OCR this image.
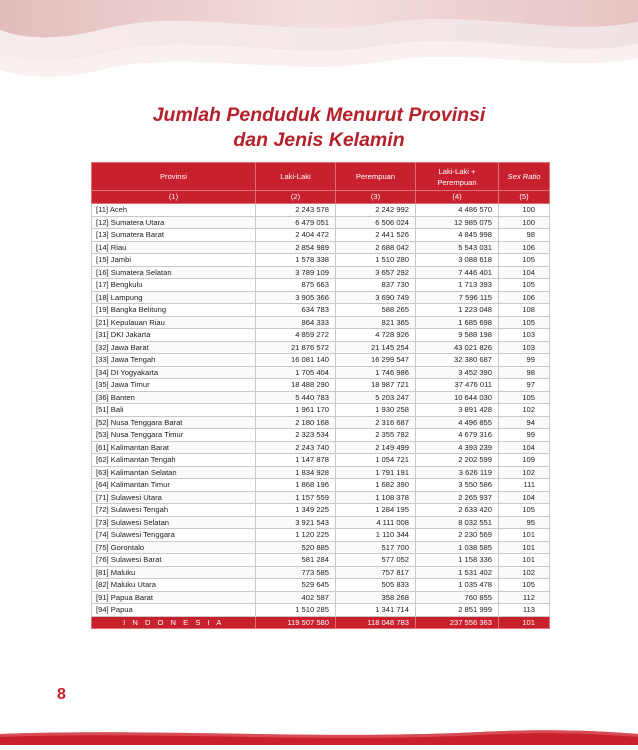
Jumlah Penduduk Menurut Provinsi
dan Jenis Kelamin
Provinsi	Laki-Laki	Perempuan	Laki-Laki + Perempuan	Sex Ratio
(1)	(2)	(3)	(4)	(5)
[11] Aceh	2 243 578	2 242 992	4 486 570	100
[12] Sumatera Utara	6 479 051	6 506 024	12 985 075	100
[13] Sumatera Barat	2 404 472	2 441 526	4 845 998	98
[14] Riau	2 854 989	2 688 042	5 543 031	106
[15] Jambi	1 578 338	1 510 280	3 088 618	105
[16] Sumatera Selatan	3 789 109	3 657 292	7 446 401	104
[17] Bengkulu	875 663	837 730	1 713 393	105
[18] Lampung	3 905 366	3 690 749	7 596 115	106
[19] Bangka Belitung	634 783	588 265	1 223 048	108
[21] Kepulauan Riau	864 333	821 365	1 685 698	105
[31] DKI Jakarta	4 859 272	4 728 926	9 588 198	103
[32] Jawa Barat	21 876 572	21 145 254	43 021 826	103
[33] Jawa Tengah	16 081 140	16 299 547	32 380 687	99
[34] DI Yogyakarta	1 705 404	1 746 986	3 452 390	98
[35] Jawa Timur	18 488 290	18 987 721	37 476 011	97
[36] Banten	5 440 783	5 203 247	10 644 030	105
[51] Bali	1 961 170	1 930 258	3 891 428	102
[52] Nusa Tenggara Barat	2 180 168	2 316 687	4 496 855	94
[53] Nusa Tenggara Timur	2 323 534	2 355 782	4 679 316	99
[61] Kalimantan Barat	2 243 740	2 149 499	4 393 239	104
[62] Kalimantan Tengah	1 147 878	1 054 721	2 202 599	109
[63] Kalimantan Selatan	1 834 928	1 791 191	3 626 119	102
[64] Kalimantan Timur	1 868 196	1 682 390	3 550 586	111
[71] Sulawesi Utara	1 157 559	1 108 378	2 265 937	104
[72] Sulawesi Tengah	1 349 225	1 284 195	2 633 420	105
[73] Sulawesi Selatan	3 921 543	4 111 008	8 032 551	95
[74] Sulawesi Tenggara	1 120 225	1 110 344	2 230 569	101
[75] Gorontalo	520 885	517 700	1 038 585	101
[76] Sulawesi Barat	581 284	577 052	1 158 336	101
[81] Maluku	773 585	757 817	1 531 402	102
[82] Maluku Utara	529 645	505 833	1 035 478	105
[91] Papua Barat	402 587	358 268	760 855	112
[94] Papua	1 510 285	1 341 714	2 851 999	113
I N D O N E S I A	119 507 580	118 048 783	237 556 363	101
8
